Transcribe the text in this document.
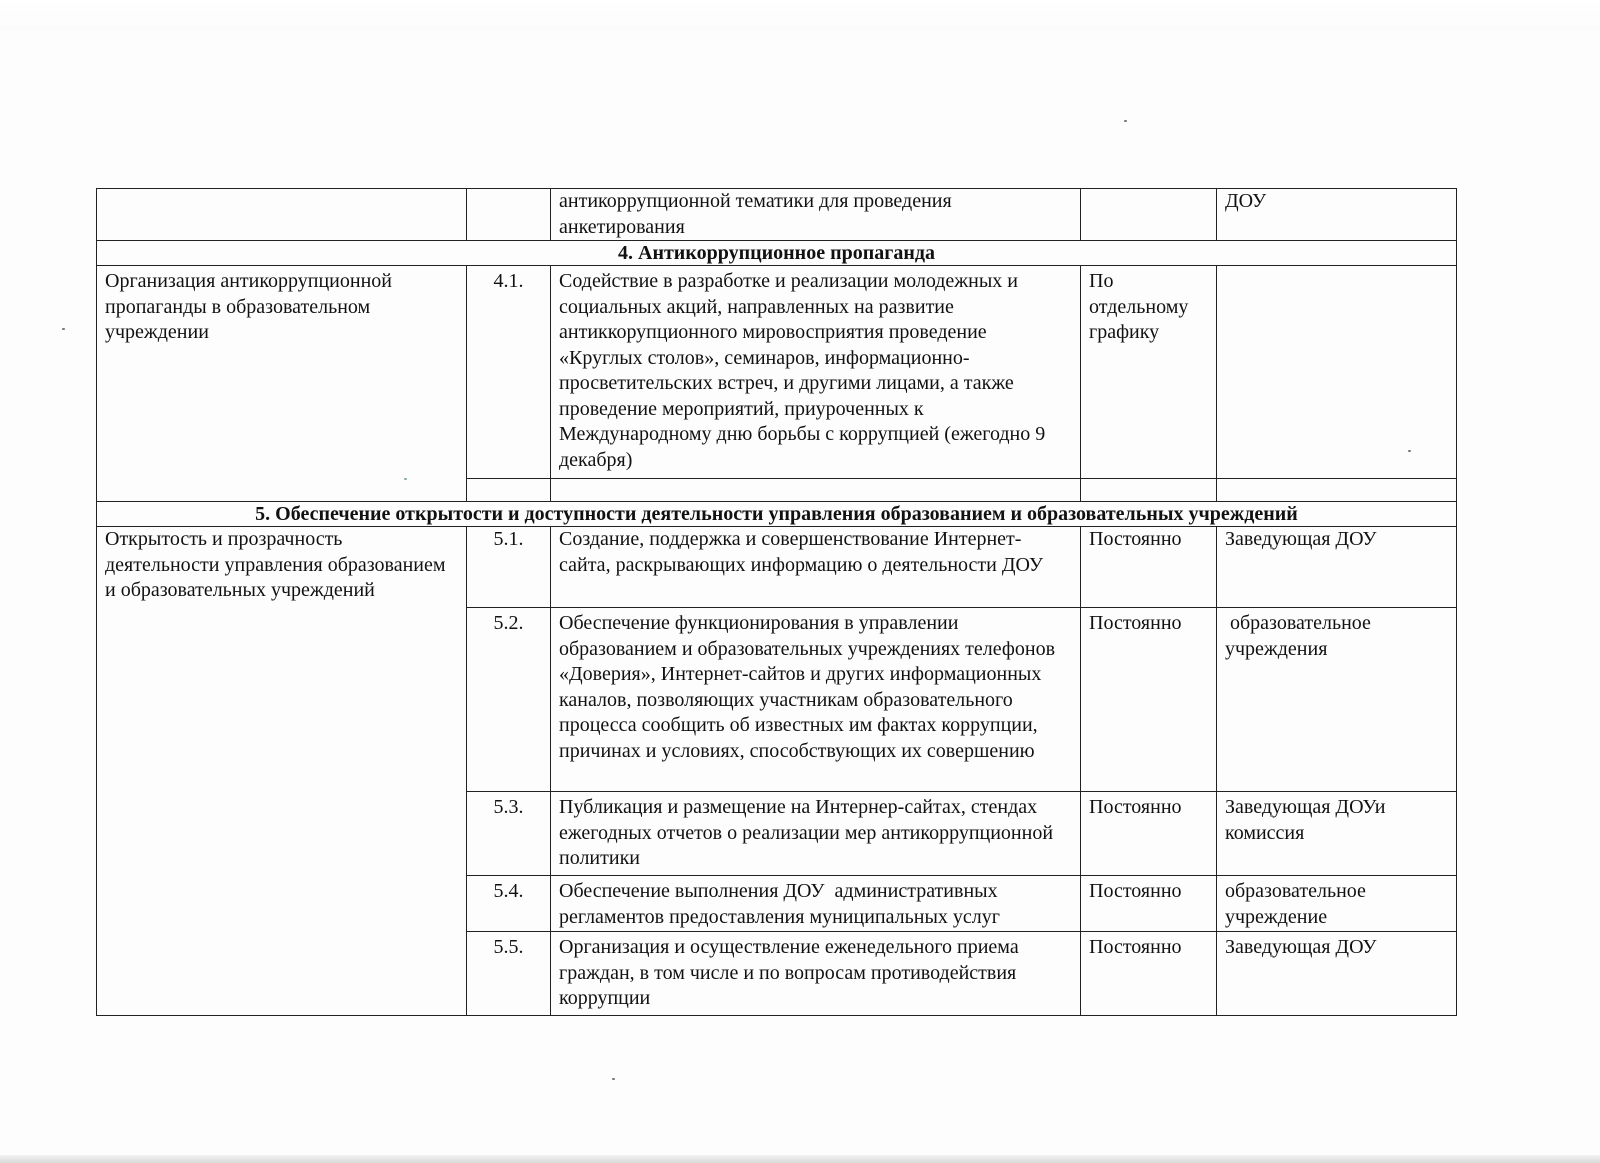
		антикоррупционной тематики для проведения анкетирования		ДОУ
4. Антикоррупционное пропаганда				
Организация антикоррупционной пропаганды в образовательном учреждении	4.1.	Содействие в разработке и реализации молодежных и социальных акций, направленных на развитие антиккорупционного мировосприятия проведение «Круглых столов», семинаров, информационно-просветительских встреч, и другими лицами, а также проведение мероприятий, приуроченных к Международному дню борьбы с коррупцией (ежегодно 9 декабря)	По отдельному графику	

5. Обеспечение открытости и доступности деятельности управления образованием и образовательных учреждений				
Открытость и прозрачность деятельности управления образованием и образовательных учреждений	5.1.	Создание, поддержка и совершенствование Интернет-сайта, раскрывающих информацию о деятельности ДОУ	Постоянно	Заведующая ДОУ
	5.2.	Обеспечение функционирования в управлении образованием и образовательных учреждениях телефонов «Доверия», Интернет-сайтов и других информационных каналов, позволяющих участникам образовательного процесса сообщить об известных им фактах коррупции, причинах и условиях, способствующих их совершению	Постоянно	образовательное учреждения
	5.3.	Публикация и размещение на Интернер-сайтах, стендах ежегодных отчетов о реализации мер антикоррупционной политики	Постоянно	Заведующая ДОУи комиссия
	5.4.	Обеспечение выполнения ДОУ  административных регламентов предоставления муниципальных услуг	Постоянно	образовательное учреждение
	5.5.	Организация и осуществление еженедельного приема граждан, в том числе и по вопросам противодействия коррупции	Постоянно	Заведующая ДОУ
